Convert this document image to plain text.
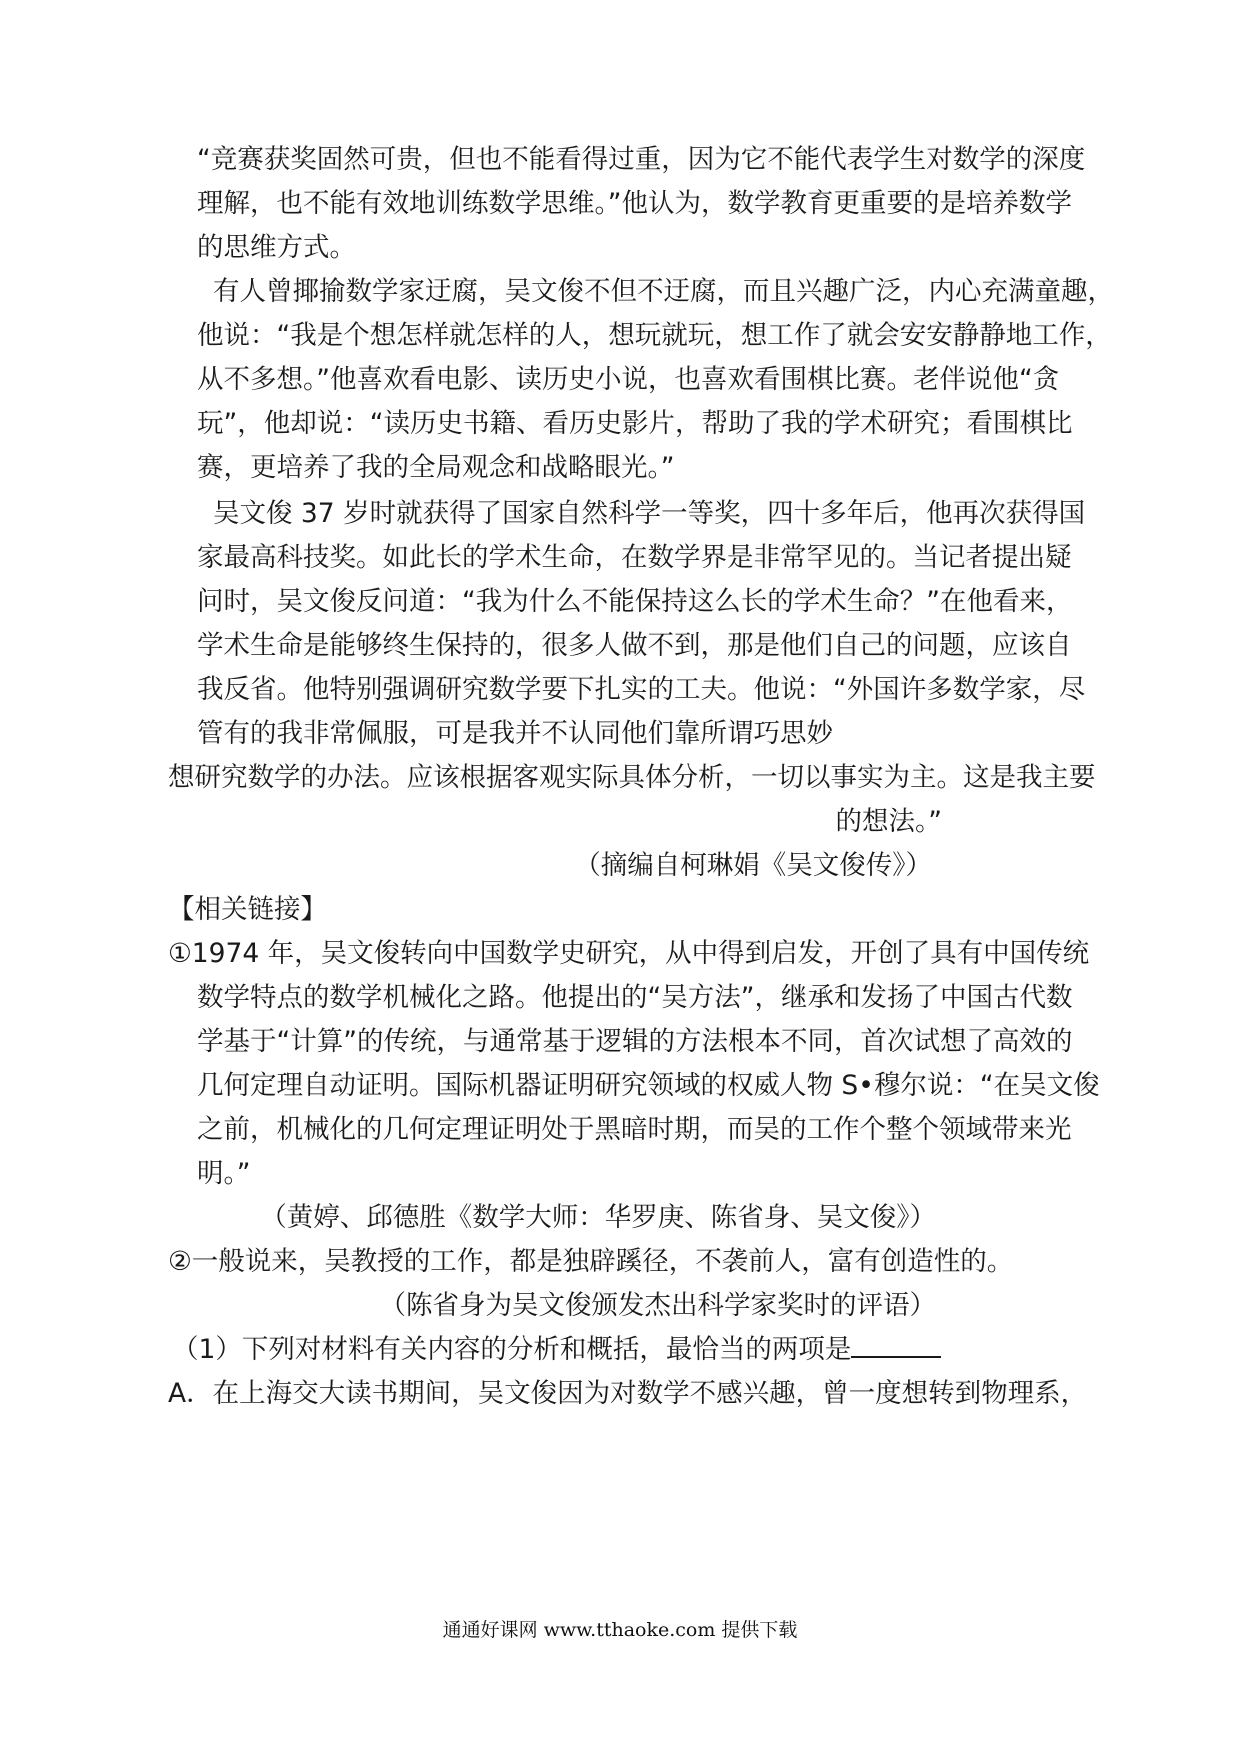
“竞赛获奖固然可贵，但也不能看得过重，因为它不能代表学生对数学的深度
理解，也不能有效地训练数学思维。”他认为，数学教育更重要的是培养数学
的思维方式。
有人曾揶揄数学家迂腐，吴文俊不但不迂腐，而且兴趣广泛，内心充满童趣，
他说：“我是个想怎样就怎样的人，想玩就玩，想工作了就会安安静静地工作，
从不多想。”他喜欢看电影、读历史小说，也喜欢看围棋比赛。老伴说他“贪
玩”，他却说：“读历史书籍、看历史影片，帮助了我的学术研究；看围棋比
赛，更培养了我的全局观念和战略眼光。”
吴文俊 37 岁时就获得了国家自然科学一等奖，四十多年后，他再次获得国
家最高科技奖。如此长的学术生命，在数学界是非常罕见的。当记者提出疑
问时，吴文俊反问道：“我为什么不能保持这么长的学术生命？”在他看来，
学术生命是能够终生保持的，很多人做不到，那是他们自己的问题，应该自
我反省。他特别强调研究数学要下扎实的工夫。他说：“外国许多数学家，尽
管有的我非常佩服，可是我并不认同他们靠所谓巧思妙
想研究数学的办法。应该根据客观实际具体分析，一切以事实为主。这是我主要
的想法。”
（摘编自柯琳娟《吴文俊传》）
【相关链接】
①1974 年，吴文俊转向中国数学史研究，从中得到启发，开创了具有中国传统
数学特点的数学机械化之路。他提出的“吴方法”，继承和发扬了中国古代数
学基于“计算”的传统，与通常基于逻辑的方法根本不同，首次试想了高效的
几何定理自动证明。国际机器证明研究领域的权威人物 S•穆尔说：“在吴文俊
之前，机械化的几何定理证明处于黑暗时期，而吴的工作个整个领域带来光
明。”
（黄婷、邱德胜《数学大师：华罗庚、陈省身、吴文俊》）
②一般说来，吴教授的工作，都是独辟蹊径，不袭前人，富有创造性的。
（陈省身为吴文俊颁发杰出科学家奖时的评语）
（1）下列对材料有关内容的分析和概括，最恰当的两项是
A．在上海交大读书期间，吴文俊因为对数学不感兴趣，曾一度想转到物理系，
通通好课网 www.tthaoke.com 提供下载
